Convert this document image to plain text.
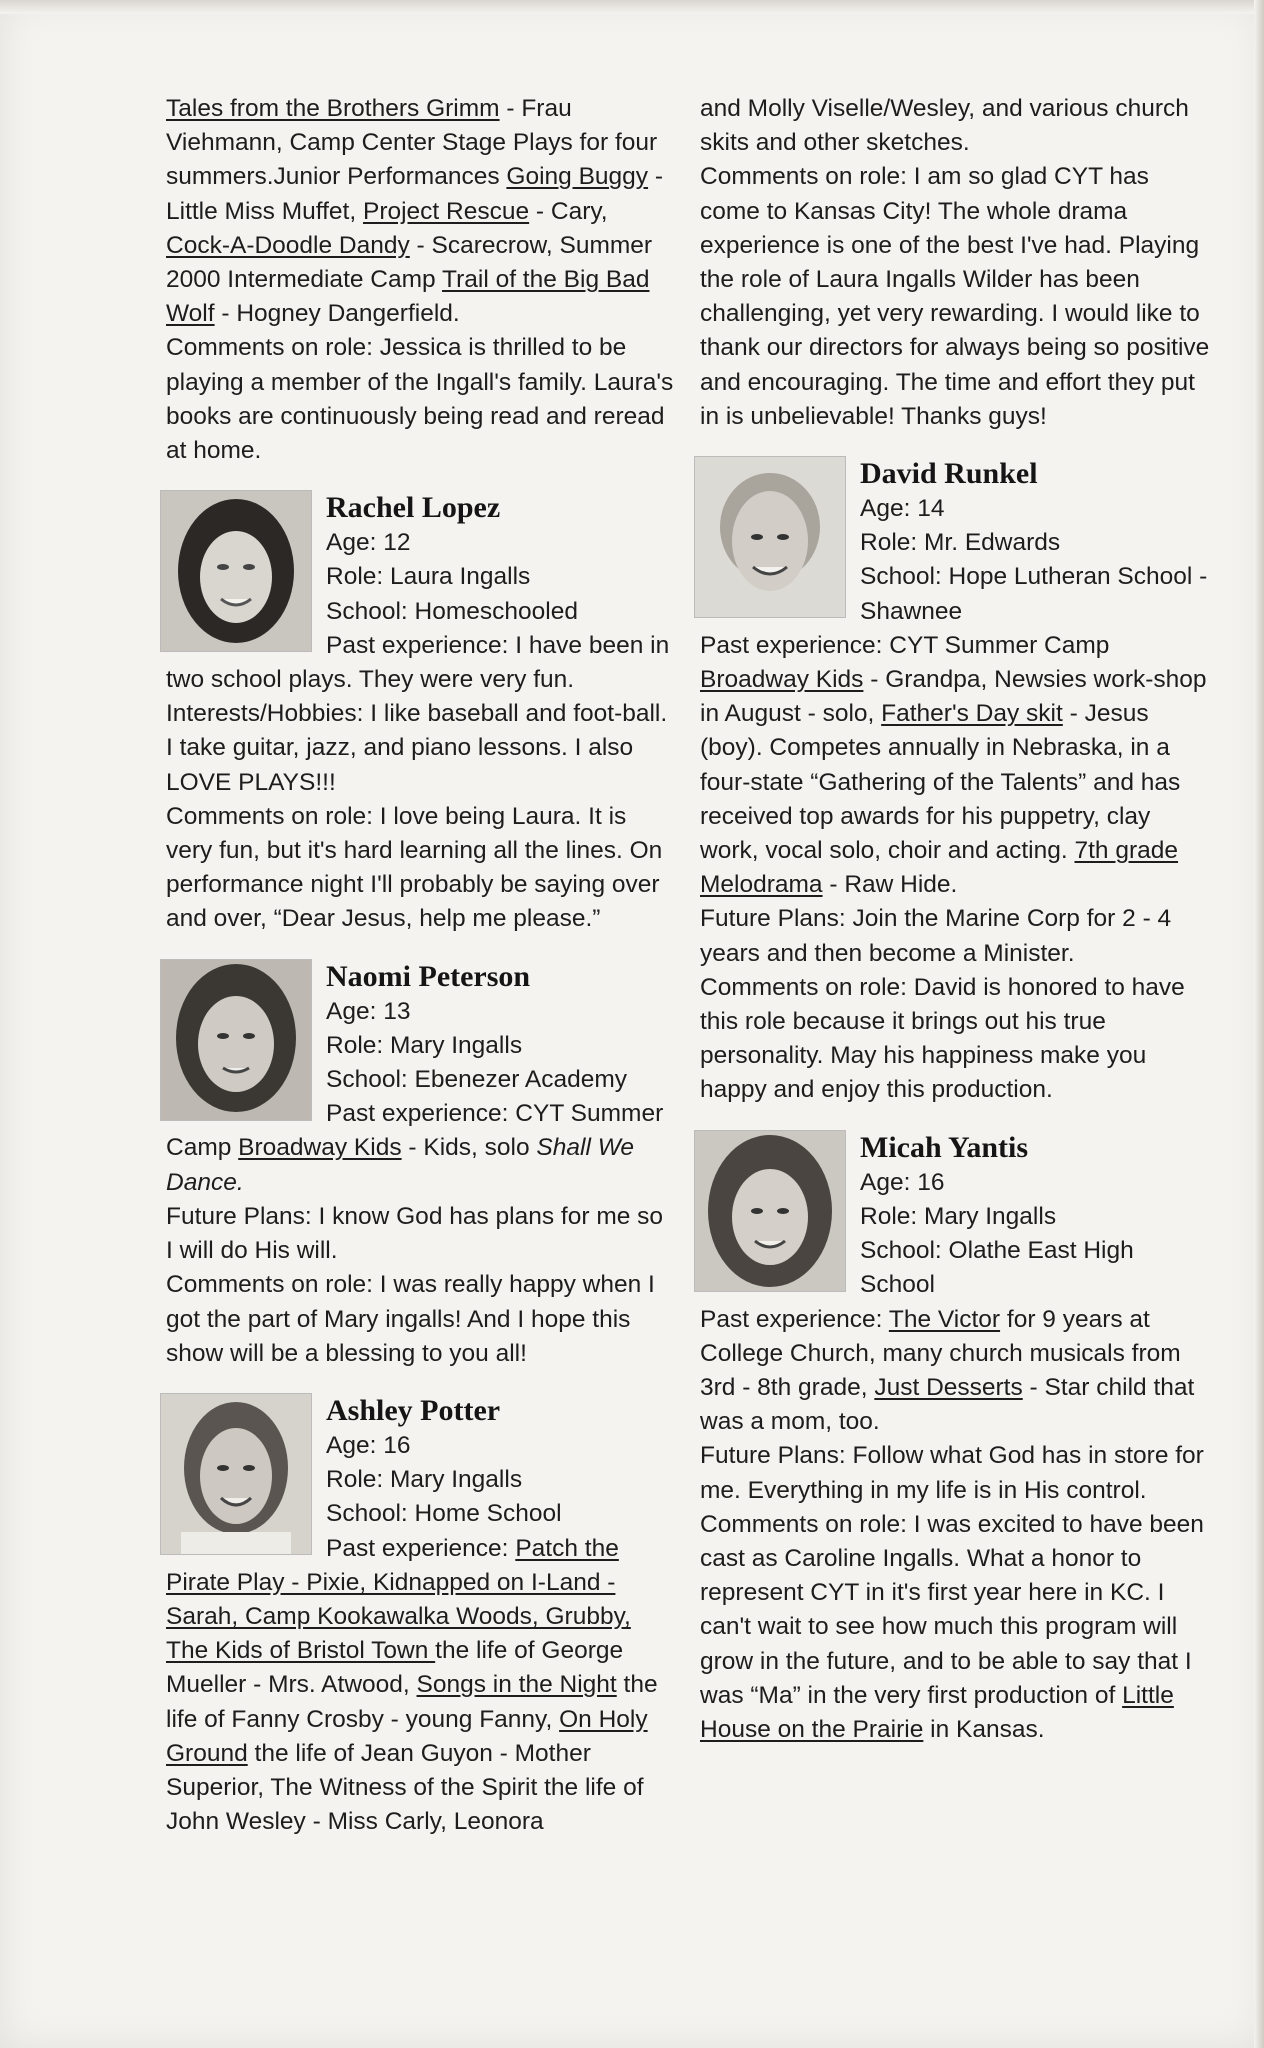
Tales from the Brothers Grimm - Frau Viehmann, Camp Center Stage Plays for four summers.Junior Performances Going Buggy - Little Miss Muffet, Project Rescue - Cary, Cock-A-Doodle Dandy - Scarecrow, Summer 2000 Intermediate Camp Trail of the Big Bad Wolf - Hogney Dangerfield.

Comments on role: Jessica is thrilled to be playing a member of the Ingall's family. Laura's books are continuously being read and reread at home.

Rachel Lopez
Age: 12
Role: Laura Ingalls
School: Homeschooled

Past experience: I have been in two school plays. They were very fun.

Interests/Hobbies: I like baseball and foot-ball. I take guitar, jazz, and piano lessons. I also LOVE PLAYS!!!

Comments on role: I love being Laura. It is very fun, but it's hard learning all the lines. On performance night I'll probably be saying over and over, “Dear Jesus, help me please.”

Naomi Peterson
Age: 13
Role: Mary Ingalls
School: Ebenezer Academy

Past experience: CYT Summer Camp Broadway Kids - Kids, solo Shall We Dance.

Future Plans: I know God has plans for me so I will do His will.

Comments on role: I was really happy when I got the part of Mary ingalls! And I hope this show will be a blessing to you all!

Ashley Potter
Age: 16
Role: Mary Ingalls
School: Home School

Past experience: Patch the Pirate Play - Pixie, Kidnapped on I-Land - Sarah, Camp Kookawalka Woods, Grubby, The Kids of Bristol Town the life of George Mueller - Mrs. Atwood, Songs in the Night the life of Fanny Crosby - young Fanny, On Holy Ground the life of Jean Guyon - Mother Superior, The Witness of the Spirit the life of John Wesley - Miss Carly, Leonora

and Molly Viselle/Wesley, and various church skits and other sketches.

Comments on role: I am so glad CYT has come to Kansas City! The whole drama experience is one of the best I've had. Playing the role of Laura Ingalls Wilder has been challenging, yet very rewarding. I would like to thank our directors for always being so positive and encouraging. The time and effort they put in is unbelievable! Thanks guys!

David Runkel
Age: 14
Role: Mr. Edwards
School: Hope Lutheran School - Shawnee

Past experience: CYT Summer Camp Broadway Kids - Grandpa, Newsies work-shop in August - solo, Father's Day skit - Jesus (boy). Competes annually in Nebraska, in a four-state “Gathering of the Talents” and has received top awards for his puppetry, clay work, vocal solo, choir and acting. 7th grade Melodrama - Raw Hide.

Future Plans: Join the Marine Corp for 2 - 4 years and then become a Minister.

Comments on role: David is honored to have this role because it brings out his true personality. May his happiness make you happy and enjoy this production.

Micah Yantis
Age: 16
Role: Mary Ingalls
School: Olathe East High School

Past experience: The Victor for 9 years at College Church, many church musicals from 3rd - 8th grade, Just Desserts - Star child that was a mom, too.

Future Plans: Follow what God has in store for me. Everything in my life is in His control.

Comments on role: I was excited to have been cast as Caroline Ingalls. What a honor to represent CYT in it's first year here in KC. I can't wait to see how much this program will grow in the future, and to be able to say that I was “Ma” in the very first production of Little House on the Prairie in Kansas.
